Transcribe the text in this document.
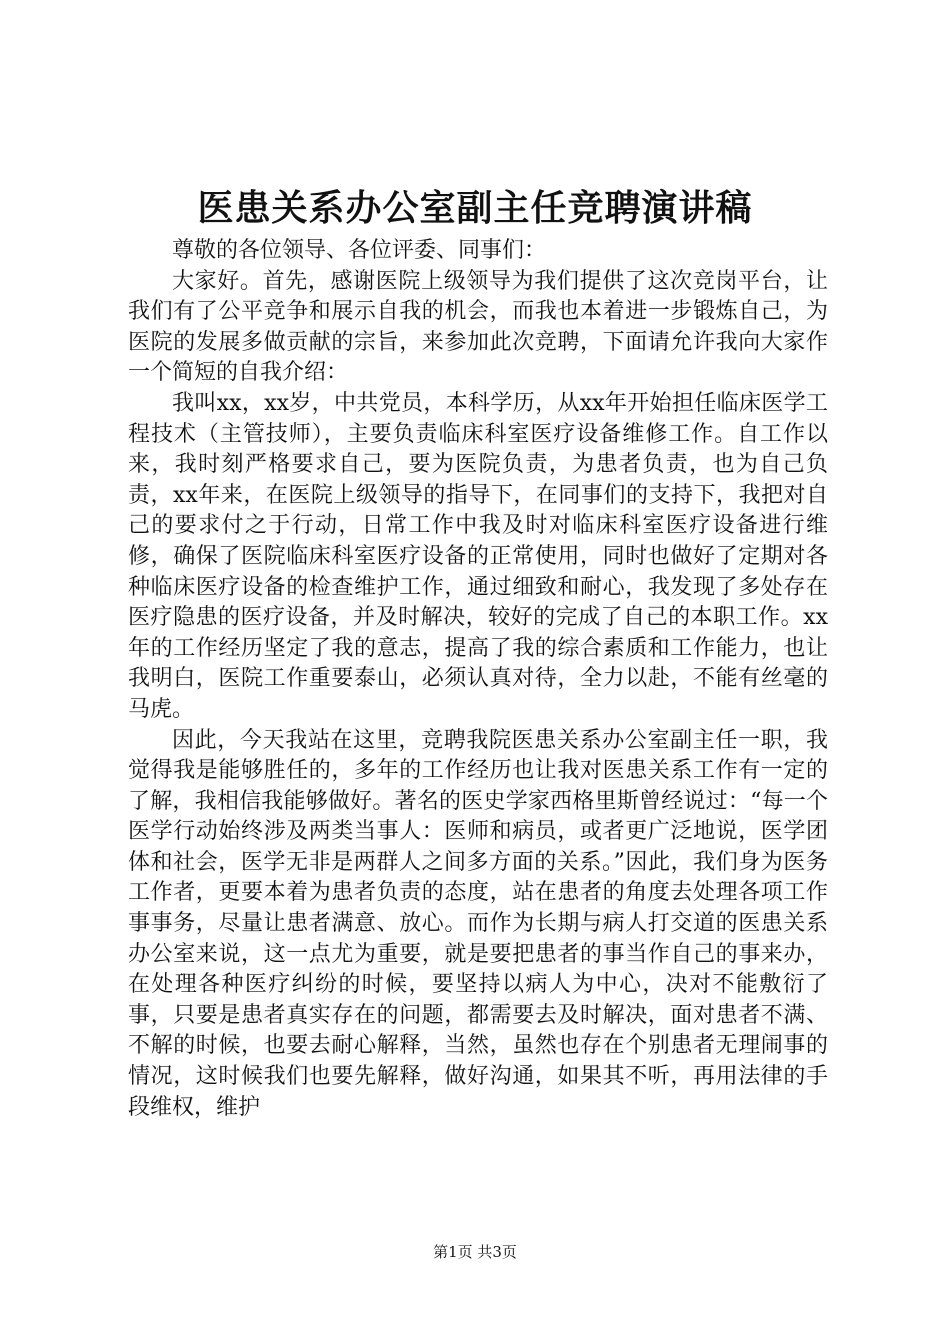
医患关系办公室副主任竞聘演讲稿

尊敬的各位领导、各位评委、同事们：

大家好。首先，感谢医院上级领导为我们提供了这次竞岗平台，让我们有了公平竞争和展示自我的机会，而我也本着进一步锻炼自己，为医院的发展多做贡献的宗旨，来参加此次竞聘，下面请允许我向大家作一个简短的自我介绍：

我叫xx，xx岁，中共党员，本科学历，从xx年开始担任临床医学工程技术（主管技师），主要负责临床科室医疗设备维修工作。自工作以来，我时刻严格要求自己，要为医院负责，为患者负责，也为自己负责，xx年来，在医院上级领导的指导下，在同事们的支持下，我把对自己的要求付之于行动，日常工作中我及时对临床科室医疗设备进行维修，确保了医院临床科室医疗设备的正常使用，同时也做好了定期对各种临床医疗设备的检查维护工作，通过细致和耐心，我发现了多处存在医疗隐患的医疗设备，并及时解决，较好的完成了自己的本职工作。xx年的工作经历坚定了我的意志，提高了我的综合素质和工作能力，也让我明白，医院工作重要泰山，必须认真对待，全力以赴，不能有丝毫的马虎。

因此，今天我站在这里，竞聘我院医患关系办公室副主任一职，我觉得我是能够胜任的，多年的工作经历也让我对医患关系工作有一定的了解，我相信我能够做好。著名的医史学家西格里斯曾经说过：“每一个医学行动始终涉及两类当事人：医师和病员，或者更广泛地说，医学团体和社会，医学无非是两群人之间多方面的关系。”因此，我们身为医务工作者，更要本着为患者负责的态度，站在患者的角度去处理各项工作事事务，尽量让患者满意、放心。而作为长期与病人打交道的医患关系办公室来说，这一点尤为重要，就是要把患者的事当作自己的事来办，在处理各种医疗纠纷的时候，要坚持以病人为中心，决对不能敷衍了事，只要是患者真实存在的问题，都需要去及时解决，面对患者不满、不解的时候，也要去耐心解释，当然，虽然也存在个别患者无理闹事的情况，这时候我们也要先解释，做好沟通，如果其不听，再用法律的手段维权，维护

第1页 共3页
